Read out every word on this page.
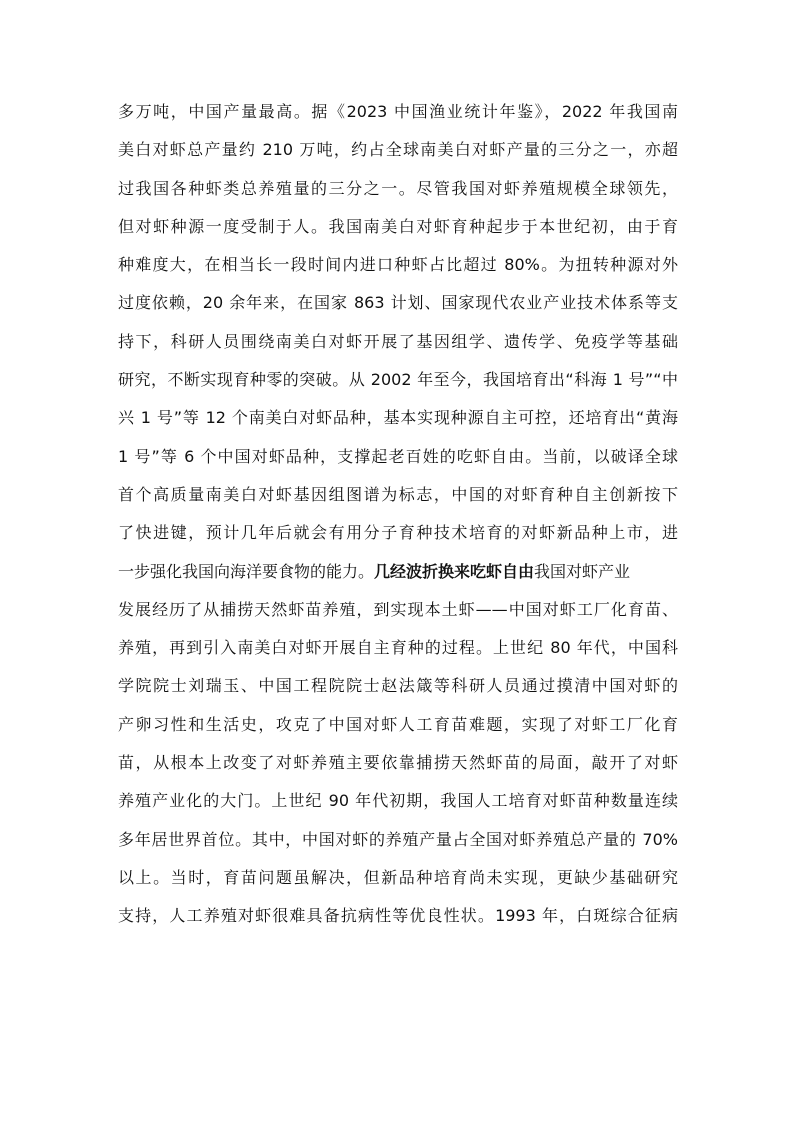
多万吨，中国产量最高。据《2023 中国渔业统计年鉴》，2022 年我国南
美白对虾总产量约 210 万吨，约占全球南美白对虾产量的三分之一，亦超
过我国各种虾类总养殖量的三分之一。尽管我国对虾养殖规模全球领先，
但对虾种源一度受制于人。我国南美白对虾育种起步于本世纪初，由于育
种难度大，在相当长一段时间内进口种虾占比超过 80%。为扭转种源对外
过度依赖，20 余年来，在国家 863 计划、国家现代农业产业技术体系等支
持下，科研人员围绕南美白对虾开展了基因组学、遗传学、免疫学等基础
研究，不断实现育种零的突破。从 2002 年至今，我国培育出“科海 1 号”“中
兴 1 号”等 12 个南美白对虾品种，基本实现种源自主可控，还培育出“黄海
1 号”等 6 个中国对虾品种，支撑起老百姓的吃虾自由。当前，以破译全球
首个高质量南美白对虾基因组图谱为标志，中国的对虾育种自主创新按下
了快进键，预计几年后就会有用分子育种技术培育的对虾新品种上市，进
一步强化我国向海洋要食物的能力。几经波折换来吃虾自由我国对虾产业
发展经历了从捕捞天然虾苗养殖，到实现本土虾——中国对虾工厂化育苗、
养殖，再到引入南美白对虾开展自主育种的过程。上世纪 80 年代，中国科
学院院士刘瑞玉、中国工程院院士赵法箴等科研人员通过摸清中国对虾的
产卵习性和生活史，攻克了中国对虾人工育苗难题，实现了对虾工厂化育
苗，从根本上改变了对虾养殖主要依靠捕捞天然虾苗的局面，敲开了对虾
养殖产业化的大门。上世纪 90 年代初期，我国人工培育对虾苗种数量连续
多年居世界首位。其中，中国对虾的养殖产量占全国对虾养殖总产量的 70%
以上。当时，育苗问题虽解决，但新品种培育尚未实现，更缺少基础研究
支持，人工养殖对虾很难具备抗病性等优良性状。1993 年，白斑综合征病
